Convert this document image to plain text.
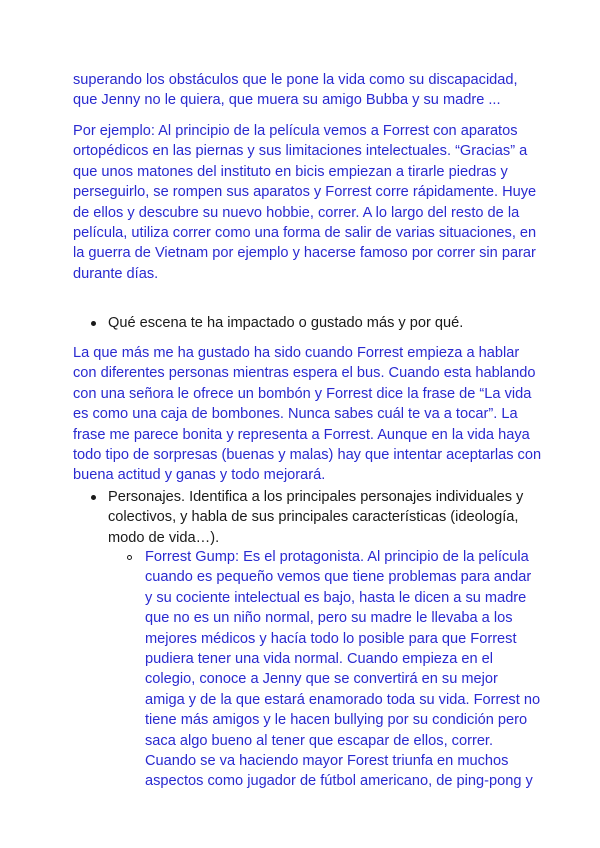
superando los obstáculos que le pone la vida como su discapacidad,
que Jenny no le quiera, que muera su amigo Bubba y su madre ...
Por ejemplo: Al principio de la película vemos a Forrest con aparatos
ortopédicos en las piernas y sus limitaciones intelectuales. “Gracias” a
que unos matones del instituto en bicis empiezan a tirarle piedras y
perseguirlo, se rompen sus aparatos y Forrest corre rápidamente. Huye
de ellos y descubre su nuevo hobbie, correr. A lo largo del resto de la
película, utiliza correr como una forma de salir de varias situaciones, en
la guerra de Vietnam por ejemplo y hacerse famoso por correr sin parar
durante días.
Qué escena te ha impactado o gustado más y por qué.
La que más me ha gustado ha sido cuando Forrest empieza a hablar
con diferentes personas mientras espera el bus. Cuando esta hablando
con una señora le ofrece un bombón y Forrest dice la frase de “La vida
es como una caja de bombones. Nunca sabes cuál te va a tocar”. La
frase me parece bonita y representa a Forrest. Aunque en la vida haya
todo tipo de sorpresas (buenas y malas) hay que intentar aceptarlas con
buena actitud y ganas y todo mejorará.
Personajes. Identifica a los principales personajes individuales y
colectivos, y habla de sus principales características (ideología,
modo de vida…).
Forrest Gump: Es el protagonista. Al principio de la película
cuando es pequeño vemos que tiene problemas para andar
y su cociente intelectual es bajo, hasta le dicen a su madre
que no es un niño normal, pero su madre le llevaba a los
mejores médicos y hacía todo lo posible para que Forrest
pudiera tener una vida normal. Cuando empieza en el
colegio, conoce a Jenny que se convertirá en su mejor
amiga y de la que estará enamorado toda su vida. Forrest no
tiene más amigos y le hacen bullying por su condición pero
saca algo bueno al tener que escapar de ellos, correr.
Cuando se va haciendo mayor Forest triunfa en muchos
aspectos como jugador de fútbol americano, de ping-pong y
